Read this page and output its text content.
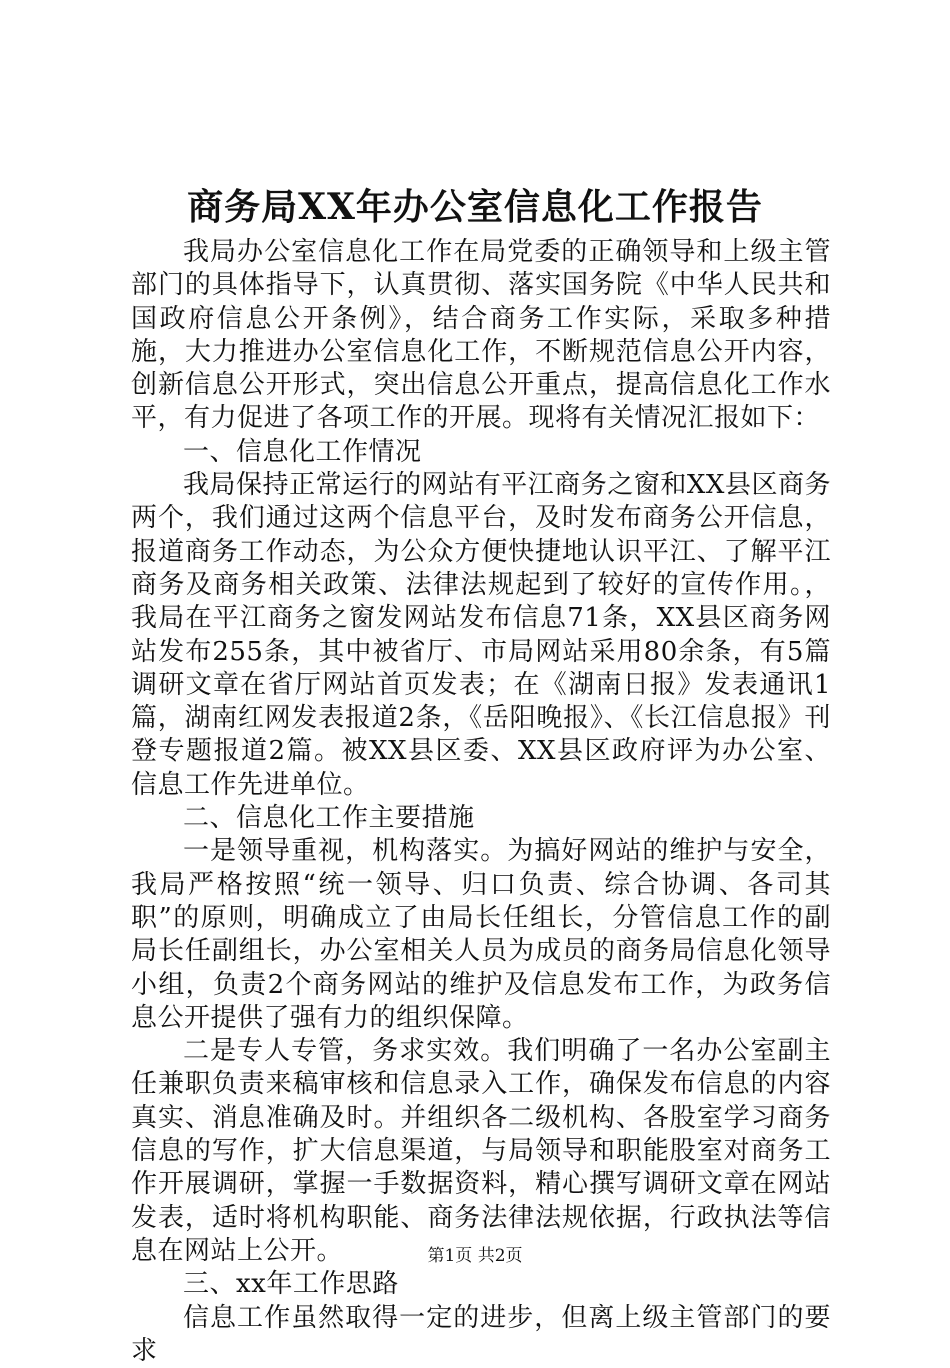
商务局XX年办公室信息化工作报告

我局办公室信息化工作在局党委的正确领导和上级主管部门的具体指导下，认真贯彻、落实国务院《中华人民共和国政府信息公开条例》，结合商务工作实际，采取多种措施，大力推进办公室信息化工作，不断规范信息公开内容，创新信息公开形式，突出信息公开重点，提高信息化工作水平，有力促进了各项工作的开展。现将有关情况汇报如下：

一、信息化工作情况

我局保持正常运行的网站有平江商务之窗和XX县区商务两个，我们通过这两个信息平台，及时发布商务公开信息，报道商务工作动态，为公众方便快捷地认识平江、了解平江商务及商务相关政策、法律法规起到了较好的宣传作用。，我局在平江商务之窗发网站发布信息71条，XX县区商务网站发布255条，其中被省厅、市局网站采用80余条，有5篇调研文章在省厅网站首页发表；在《湖南日报》发表通讯1篇，湖南红网发表报道2条，《岳阳晚报》、《长江信息报》刊登专题报道2篇。被XX县区委、XX县区政府评为办公室、信息工作先进单位。

二、信息化工作主要措施

一是领导重视，机构落实。为搞好网站的维护与安全，我局严格按照“统一领导、归口负责、综合协调、各司其职”的原则，明确成立了由局长任组长，分管信息工作的副局长任副组长，办公室相关人员为成员的商务局信息化领导小组，负责2个商务网站的维护及信息发布工作，为政务信息公开提供了强有力的组织保障。

二是专人专管，务求实效。我们明确了一名办公室副主任兼职负责来稿审核和信息录入工作，确保发布信息的内容真实、消息准确及时。并组织各二级机构、各股室学习商务信息的写作，扩大信息渠道，与局领导和职能股室对商务工作开展调研，掌握一手数据资料，精心撰写调研文章在网站发表，适时将机构职能、商务法律法规依据，行政执法等信息在网站上公开。

三、xx年工作思路

信息工作虽然取得一定的进步，但离上级主管部门的要求

第1页 共2页
